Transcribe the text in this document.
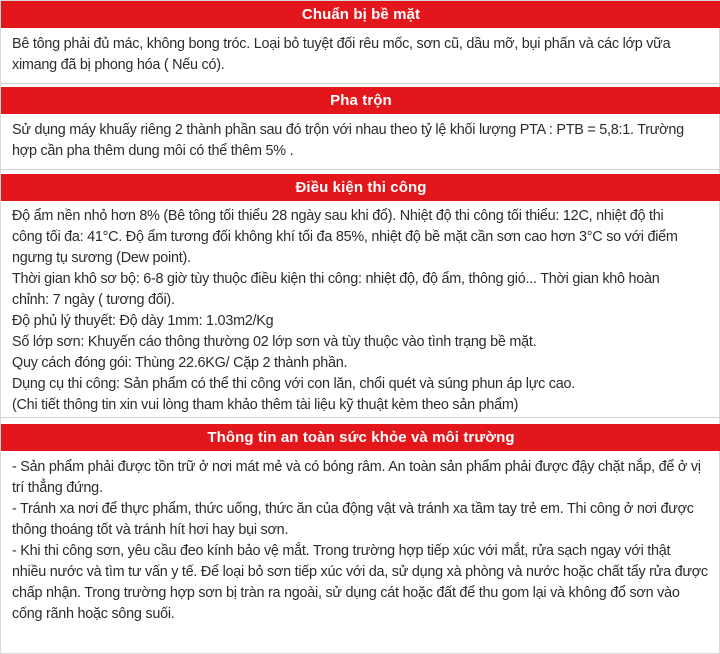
Chuẩn bị bề mặt
Bê tông phải đủ mác, không bong tróc. Loại bỏ tuyệt đối rêu mốc, sơn cũ, dầu mỡ, bụi phấn và các lớp vữa
ximang đã bị phong hóa ( Nếu có).
Pha trộn
Sử dụng máy khuấy riêng 2 thành phần sau đó trộn với nhau theo tỷ lệ khối lượng PTA : PTB = 5,8:1. Trường
hợp cần pha thêm dung môi có thể thêm 5% .
Điều kiện thi công
Độ ẩm nền nhỏ hơn 8% (Bê tông tối thiểu 28 ngày sau khi đổ). Nhiệt độ thi công tối thiểu: 12C, nhiệt độ thi
công tối đa: 41°C. Độ ẩm tương đối không khí tối đa 85%, nhiệt độ bề mặt cần sơn cao hơn 3°C so với điểm
ngưng tụ sương (Dew point).
Thời gian khô sơ bộ: 6-8 giờ tùy thuộc điều kiện thi công: nhiệt độ, độ ẩm, thông gió... Thời gian khô hoàn
chỉnh: 7 ngày ( tương đối).
Độ phủ lý thuyết: Độ dày 1mm: 1.03m2/Kg
Số lớp sơn: Khuyến cáo thông thường 02 lớp sơn và tùy thuộc vào tình trạng bề mặt.
Quy cách đóng gói: Thùng 22.6KG/ Cặp 2 thành phần.
Dụng cụ thi công: Sản phẩm có thể thi công với con lăn, chổi quét và súng phun áp lực cao.
(Chi tiết thông tin xin vui lòng tham khảo thêm tài liệu kỹ thuật kèm theo sản phẩm)
Thông tin an toàn sức khỏe và môi trường
- Sản phẩm phải được tồn trữ ở nơi mát mẻ và có bóng râm. An toàn sản phẩm phải được đậy chặt nắp, để ở vị
trí thẳng đứng.
- Tránh xa nơi để thực phẩm, thức uống, thức ăn của động vật và tránh xa tầm tay trẻ em. Thi công ở nơi được
thông thoáng tốt và tránh hít hơi hay bụi sơn.
- Khi thi công sơn, yêu cầu đeo kính bảo vệ mắt. Trong trường hợp tiếp xúc với mắt, rửa sạch ngay với thật
nhiều nước và tìm tư vấn y tế. Để loại bỏ sơn tiếp xúc với da, sử dụng xà phòng và nước hoặc chất tẩy rửa được
chấp nhận. Trong trường hợp sơn bị tràn ra ngoài, sử dụng cát hoặc đất để thu gom lại và không đổ sơn vào
cống rãnh hoặc sông suối.
